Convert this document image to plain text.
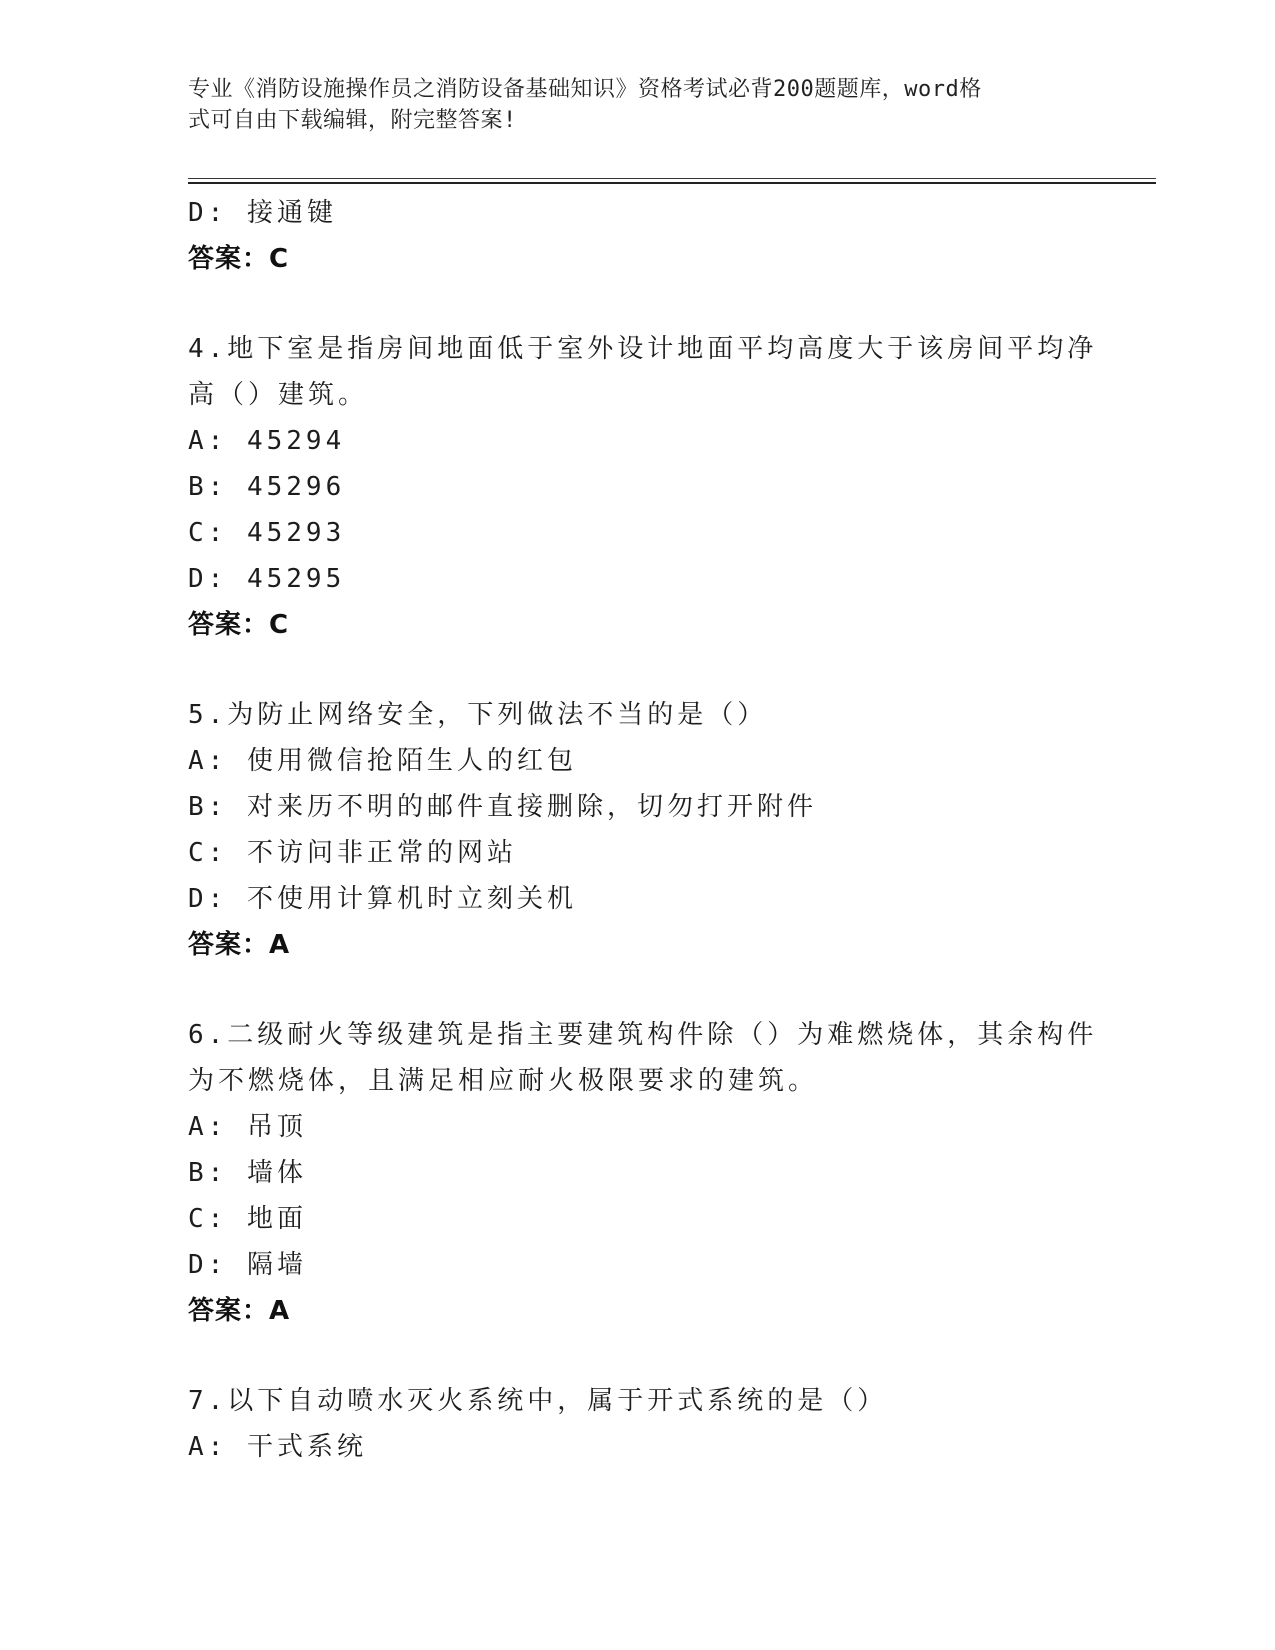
专业《消防设施操作员之消防设备基础知识》资格考试必背200题题库，word格
式可自由下载编辑，附完整答案!
D: 接通键
答案：C
4.地下室是指房间地面低于室外设计地面平均高度大于该房间平均净
高（）建筑。
A: 45294
B: 45296
C: 45293
D: 45295
答案：C
5.为防止网络安全，下列做法不当的是（）
A: 使用微信抢陌生人的红包
B: 对来历不明的邮件直接删除，切勿打开附件
C: 不访问非正常的网站
D: 不使用计算机时立刻关机
答案：A
6.二级耐火等级建筑是指主要建筑构件除（）为难燃烧体，其余构件
为不燃烧体，且满足相应耐火极限要求的建筑。
A: 吊顶
B: 墙体
C: 地面
D: 隔墙
答案：A
7.以下自动喷水灭火系统中，属于开式系统的是（）
A: 干式系统
